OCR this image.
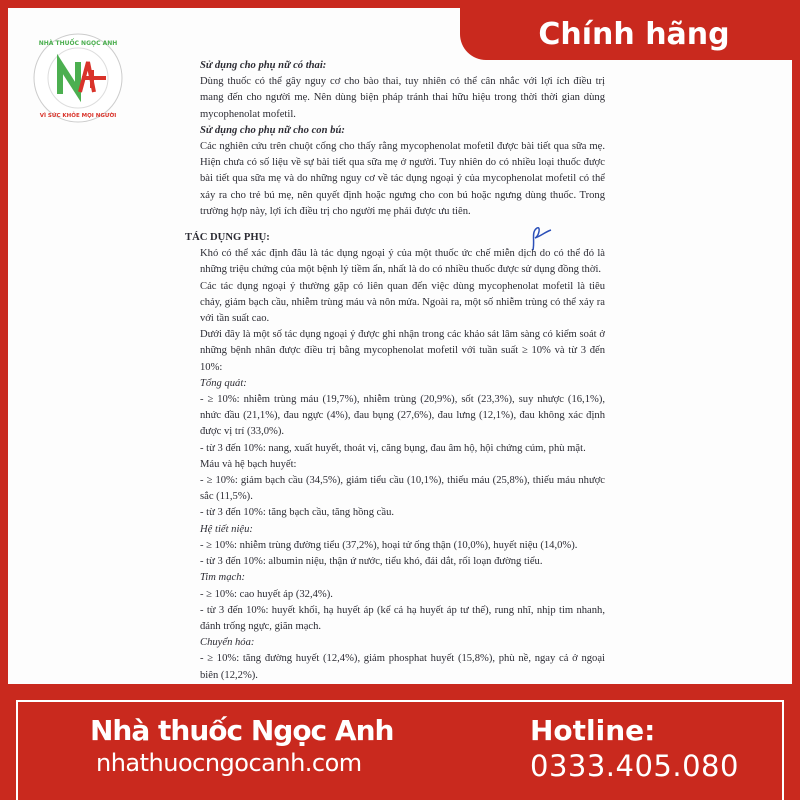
NHÀ THUỐC NGỌC ANH
VÌ SỨC KHỎE MỌI NGƯỜI
Chính hãng

Sử dụng cho phụ nữ có thai:

Dùng thuốc có thể gây nguy cơ cho bào thai, tuy nhiên có thể cân nhắc với lợi ích điều trị mang đến cho người mẹ. Nên dùng biện pháp tránh thai hữu hiệu trong thời thời gian dùng mycophenolat mofetil.

Sử dụng cho phụ nữ cho con bú:

Các nghiên cứu trên chuột cống cho thấy rằng mycophenolat mofetil được bài tiết qua sữa mẹ. Hiện chưa có số liệu về sự bài tiết qua sữa mẹ ở người. Tuy nhiên do có nhiều loại thuốc được bài tiết qua sữa mẹ và do những nguy cơ về tác dụng ngoại ý của mycophenolat mofetil có thể xảy ra cho trẻ bú mẹ, nên quyết định hoặc ngưng cho con bú hoặc ngưng dùng thuốc. Trong trường hợp này, lợi ích điều trị cho người mẹ phải được ưu tiên.

TÁC DỤNG PHỤ:

Khó có thể xác định đâu là tác dụng ngoại ý của một thuốc ức chế miễn dịch do có thể đó là những triệu chứng của một bệnh lý tiềm ẩn, nhất là do có nhiều thuốc được sử dụng đồng thời.

Các tác dụng ngoại ý thường gặp có liên quan đến việc dùng mycophenolat mofetil là tiêu chảy, giảm bạch cầu, nhiễm trùng máu và nôn mửa. Ngoài ra, một số nhiễm trùng có thể xảy ra với tần suất cao.

Dưới đây là một số tác dụng ngoại ý được ghi nhận trong các khảo sát lâm sàng có kiểm soát ở những bệnh nhân được điều trị bằng mycophenolat mofetil với tuần suất ≥ 10% và từ 3 đến 10%:

Tổng quát:

- ≥ 10%: nhiễm trùng máu (19,7%), nhiễm trùng (20,9%), sốt (23,3%), suy nhược (16,1%), nhức đầu (21,1%), đau ngực (4%), đau bụng (27,6%), đau lưng (12,1%), đau không xác định được vị trí (33,0%).

- từ 3 đến 10%: nang, xuất huyết, thoát vị, căng bụng, đau âm hộ, hội chứng cúm, phù mặt.

Máu và hệ bạch huyết:

- ≥ 10%: giảm bạch cầu (34,5%), giảm tiểu cầu (10,1%), thiếu máu (25,8%), thiếu máu nhược sắc (11,5%).

- từ 3 đến 10%: tăng bạch cầu, tăng hồng cầu.

Hệ tiết niệu:

- ≥ 10%: nhiễm trùng đường tiểu (37,2%), hoại tử ống thận (10,0%), huyết niệu (14,0%).

- từ 3 đến 10%: albumin niệu, thận ứ nước, tiểu khó, đái dắt, rối loạn đường tiểu.

Tim mạch:

- ≥ 10%: cao huyết áp (32,4%).

- từ 3 đến 10%: huyết khối, hạ huyết áp (kể cả hạ huyết áp tư thế), rung nhĩ, nhịp tim nhanh, đánh trống ngực, giãn mạch.

Chuyển hóa:

- ≥ 10%: tăng đường huyết (12,4%), giảm phosphat huyết (15,8%), phù nề, ngay cả ở ngoại biên (12,2%).

Nhà thuốc Ngọc Anh
nhathuocngocanh.com
Hotline:
0333.405.080
